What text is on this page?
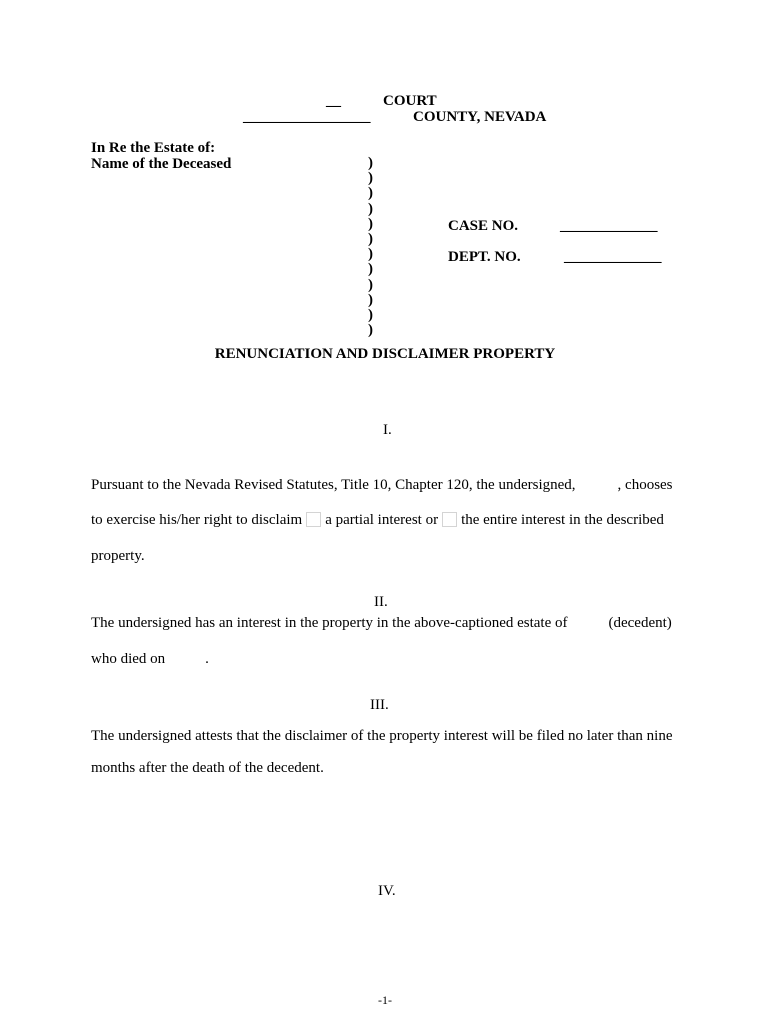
__	COURT
_________________	COUNTY, NEVADA
In Re the Estate of:
Name of the Deceased	)
)
)
)
)
)
)
)
)
)
)
)
CASE NO.	_____________
DEPT. NO.	_____________
RENUNCIATION AND DISCLAIMER PROPERTY
I.
Pursuant to the Nevada Revised Statutes, Title 10, Chapter 120, the undersigned,	, chooses
to exercise his/her right to disclaim a partial interest or the entire interest in the described
property.
II.
The undersigned has an interest in the property in the above-captioned estate of	(decedent)
who died on	.
III.
The undersigned attests that the disclaimer of the property interest will be filed no later than nine
months after the death of the decedent.
IV.
-1-
